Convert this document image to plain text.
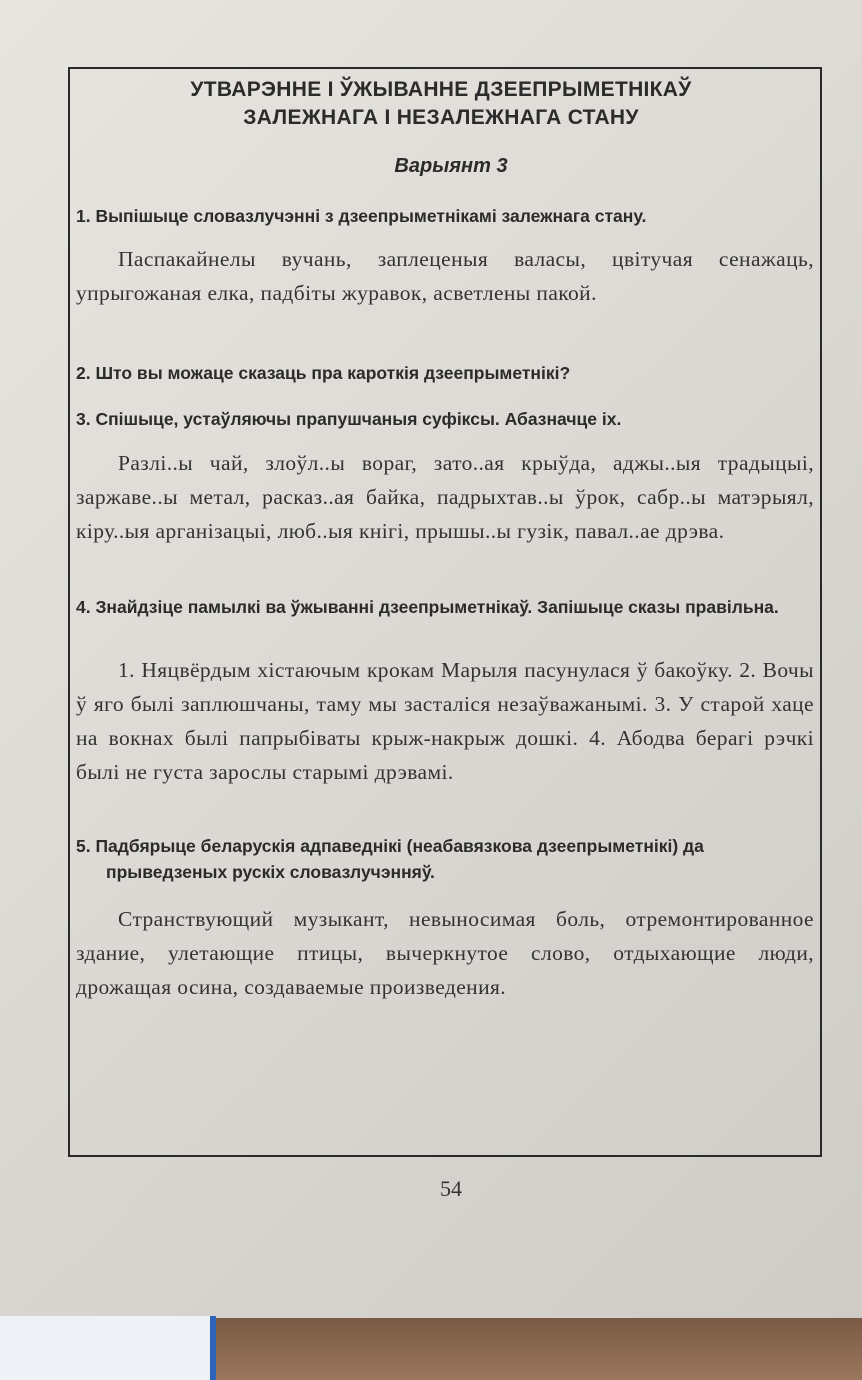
УТВАРЭННЕ І ЎЖЫВАННЕ ДЗЕЕПРЫМЕТНІКАЎ
ЗАЛЕЖНАГА І НЕЗАЛЕЖНАГА СТАНУ
Варыянт 3
1. Выпішыце словазлучэнні з дзеепрыметнікамі залежнага стану.
Паспакайнелы вучань, заплеценыя валасы, цвітучая сенажаць, упрыгожаная елка, падбіты журавок, асветлены пакой.
2. Што вы можаце сказаць пра кароткія дзеепрыметнікі?
3. Спішыце, устаўляючы прапушчаныя суфіксы. Абазначце іх.
Разлі..ы чай, злоўл..ы вораг, зато..ая крыўда, аджы..ыя традыцыі, заржаве..ы метал, расказ..ая байка, падрыхтав..ы ўрок, сабр..ы матэрыял, кіру..ыя арганізацыі, люб..ыя кнігі, прышы..ы гузік, павал..ае дрэва.
4. Знайдзіце памылкі ва ўжыванні дзеепрыметнікаў. Запішыце сказы правільна.
1. Няцвёрдым хістаючым крокам Марыля пасунулася ў бакоўку. 2. Вочы ў яго былі заплюшчаны, таму мы засталіся незаўважанымі. 3. У старой хаце на вокнах былі папрыбіваты крыж-накрыж дошкі. 4. Абодва берагі рэчкі былі не густа зарослы старымі дрэвамі.
5. Падбярыце беларускія адпаведнікі (неабавязкова дзеепрыметнікі) да прыведзеных рускіх словазлучэнняў.
Странствующий музыкант, невыносимая боль, отремонтированное здание, улетающие птицы, вычеркнутое слово, отдыхающие люди, дрожащая осина, создаваемые произведения.
54
